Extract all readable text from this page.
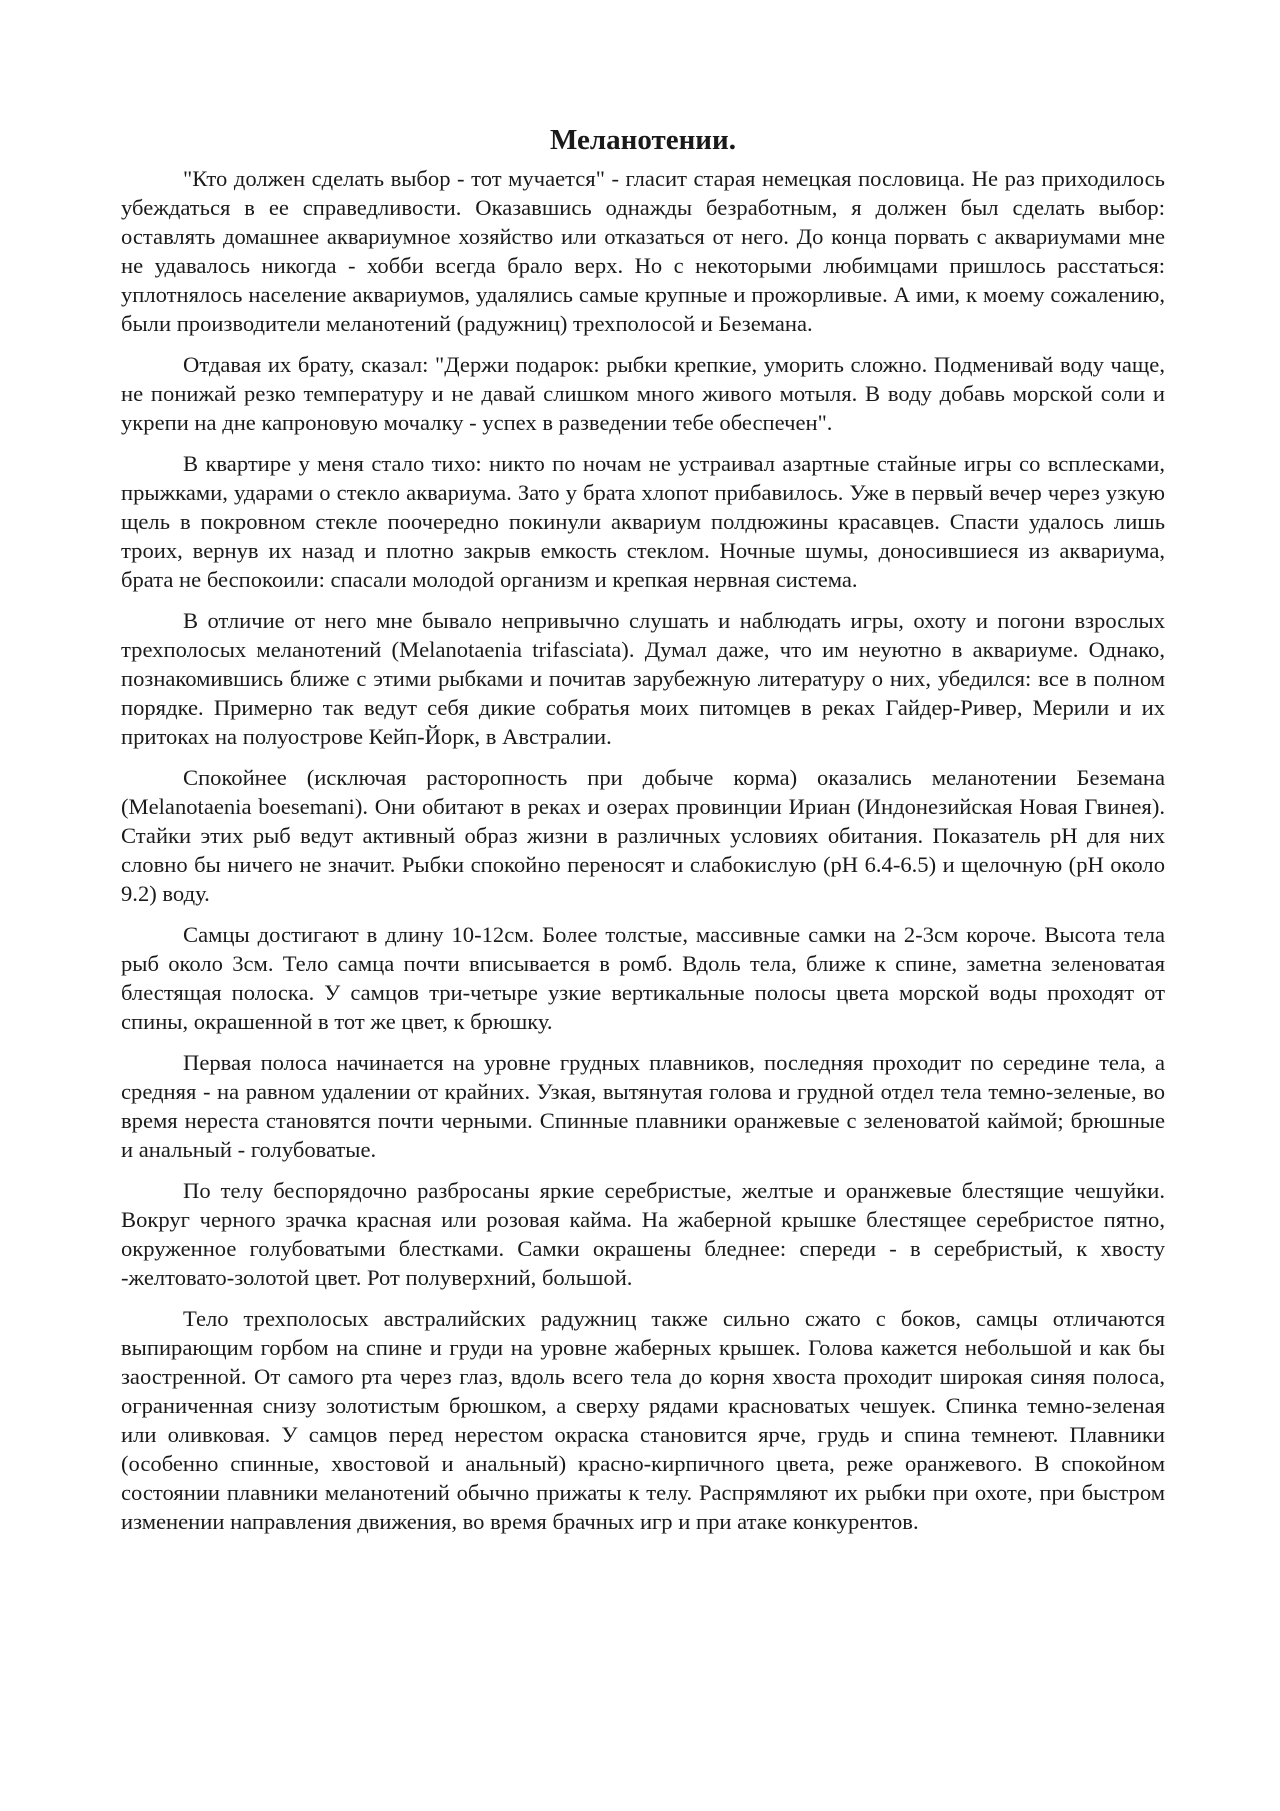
Меланотении.

"Кто должен сделать выбор - тот мучается" - гласит старая немецкая пословица. Не раз приходилось убеждаться в ее справедливости. Оказавшись однажды безработным, я должен был сделать выбор: оставлять домашнее аквариумное хозяйство или отказаться от него. До конца порвать с аквариумами мне не удавалось никогда - хобби всегда брало верх. Но с некоторыми любимцами пришлось расстаться: уплотнялось население аквариумов, удалялись самые крупные и прожорливые. А ими, к моему сожалению, были производители меланотений (радужниц) трехполосой и Беземана.

Отдавая их брату, сказал: "Держи подарок: рыбки крепкие, уморить сложно. Подменивай воду чаще, не понижай резко температуру и не давай слишком много живого мотыля. В воду добавь морской соли и укрепи на дне капроновую мочалку - успех в разведении тебе обеспечен".

В квартире у меня стало тихо: никто по ночам не устраивал азартные стайные игры со всплесками, прыжками, ударами о стекло аквариума. Зато у брата хлопот прибавилось. Уже в первый вечер через узкую щель в покровном стекле поочередно покинули аквариум полдюжины красавцев. Спасти удалось лишь троих, вернув их назад и плотно закрыв емкость стеклом. Ночные шумы, доносившиеся из аквариума, брата не беспокоили: спасали молодой организм и крепкая нервная система.

В отличие от него мне бывало непривычно слушать и наблюдать игры, охоту и погони взрослых трехполосых меланотений (Melanotaenia trifasciata). Думал даже, что им неуютно в аквариуме. Однако, познакомившись ближе с этими рыбками и почитав зарубежную литературу о них, убедился: все в полном порядке. Примерно так ведут себя дикие собратья моих питомцев в реках Гайдер-Ривер, Мерили и их притоках на полуострове Кейп-Йорк, в Австралии.

Спокойнее (исключая расторопность при добыче корма) оказались меланотении Беземана (Melanotaenia boesemani). Они обитают в реках и озерах провинции Ириан (Индонезийская Новая Гвинея). Стайки этих рыб ведут активный образ жизни в различных условиях обитания. Показатель pH для них словно бы ничего не значит. Рыбки спокойно переносят и слабокислую (pH 6.4-6.5) и щелочную (pH около 9.2) воду.

Самцы достигают в длину 10-12см. Более толстые, массивные самки на 2-3см короче. Высота тела рыб около 3см. Тело самца почти вписывается в ромб. Вдоль тела, ближе к спине, заметна зеленоватая блестящая полоска. У самцов три-четыре узкие вертикальные полосы цвета морской воды проходят от спины, окрашенной в тот же цвет, к брюшку.

Первая полоса начинается на уровне грудных плавников, последняя проходит по середине тела, а средняя - на равном удалении от крайних. Узкая, вытянутая голова и грудной отдел тела темно-зеленые, во время нереста становятся почти черными. Спинные плавники оранжевые с зеленоватой каймой; брюшные и анальный - голубоватые.

По телу беспорядочно разбросаны яркие серебристые, желтые и оранжевые блестящие чешуйки. Вокруг черного зрачка красная или розовая кайма. На жаберной крышке блестящее серебристое пятно, окруженное голубоватыми блестками. Самки окрашены бледнее: спереди - в серебристый, к хвосту -желтовато-золотой цвет. Рот полуверхний, большой.

Тело трехполосых австралийских радужниц также сильно сжато с боков, самцы отличаются выпирающим горбом на спине и груди на уровне жаберных крышек. Голова кажется небольшой и как бы заостренной. От самого рта через глаз, вдоль всего тела до корня хвоста проходит широкая синяя полоса, ограниченная снизу золотистым брюшком, а сверху рядами красноватых чешуек. Спинка темно-зеленая или оливковая. У самцов перед нерестом окраска становится ярче, грудь и спина темнеют. Плавники (особенно спинные, хвостовой и анальный) красно-кирпичного цвета, реже оранжевого. В спокойном состоянии плавники меланотений обычно прижаты к телу. Распрямляют их рыбки при охоте, при быстром изменении направления движения, во время брачных игр и при атаке конкурентов.
